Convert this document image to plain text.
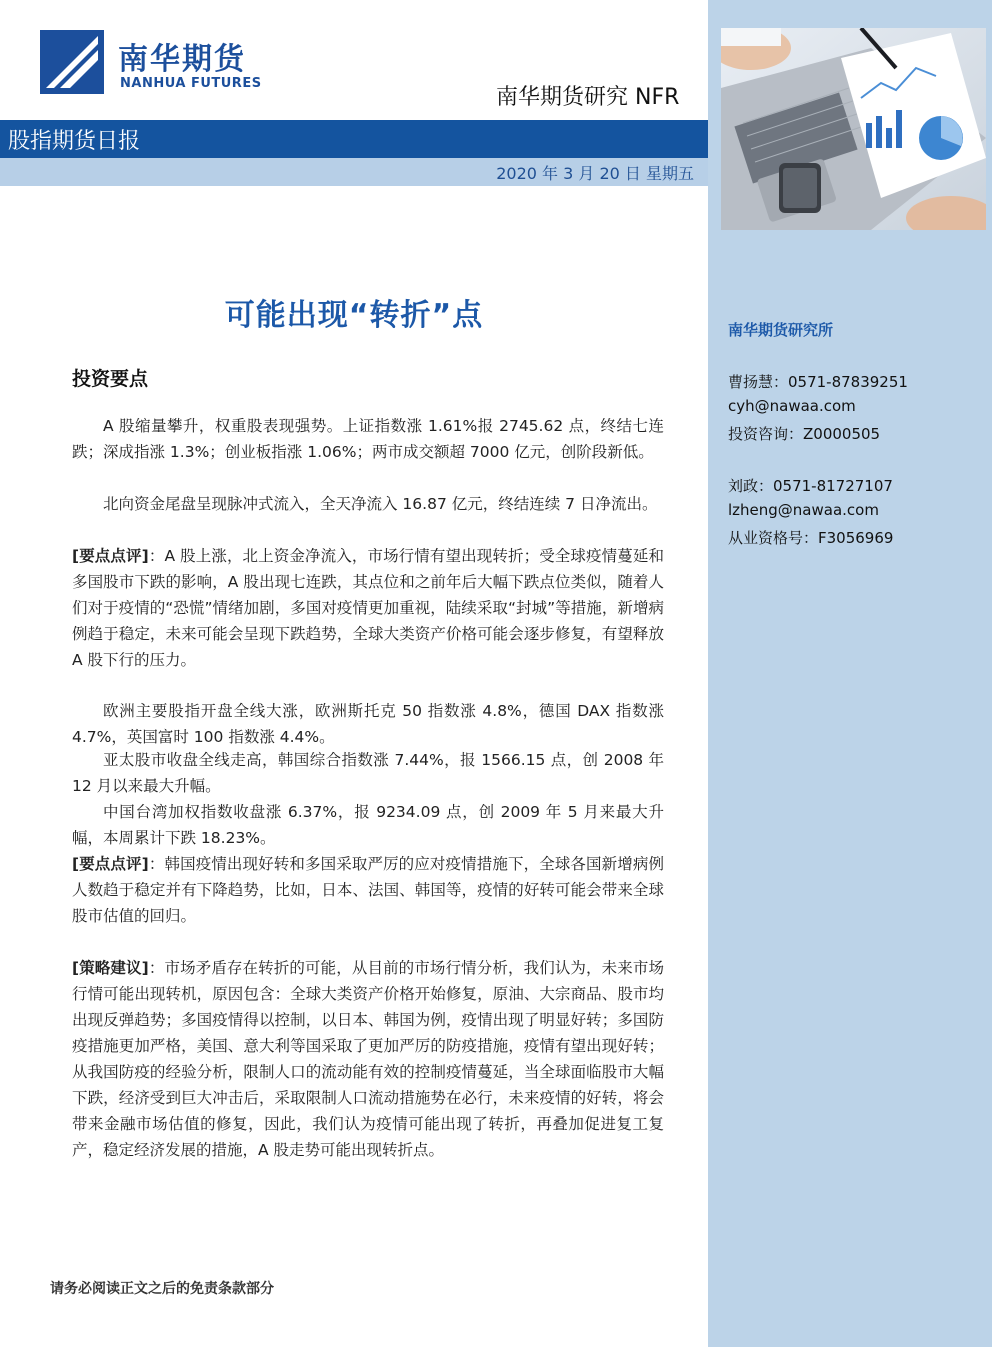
南华期货
NANHUA FUTURES
南华期货研究 NFR
股指期货日报
2020 年 3 月 20 日 星期五
可能出现“转折”点
投资要点

A 股缩量攀升，权重股表现强势。上证指数涨 1.61%报 2745.62 点，终结七连跌；深成指涨 1.3%；创业板指涨 1.06%；两市成交额超 7000 亿元，创阶段新低。

北向资金尾盘呈现脉冲式流入，全天净流入 16.87 亿元，终结连续 7 日净流出。

[要点点评]：A 股上涨，北上资金净流入，市场行情有望出现转折；受全球疫情蔓延和多国股市下跌的影响，A 股出现七连跌，其点位和之前年后大幅下跌点位类似，随着人们对于疫情的“恐慌”情绪加剧，多国对疫情更加重视，陆续采取“封城”等措施，新增病例趋于稳定，未来可能会呈现下跌趋势，全球大类资产价格可能会逐步修复，有望释放 A 股下行的压力。

欧洲主要股指开盘全线大涨，欧洲斯托克 50 指数涨 4.8%，德国 DAX 指数涨 4.7%，英国富时 100 指数涨 4.4%。

亚太股市收盘全线走高，韩国综合指数涨 7.44%，报 1566.15 点，创 2008 年 12 月以来最大升幅。

中国台湾加权指数收盘涨 6.37%，报 9234.09 点，创 2009 年 5 月来最大升幅，本周累计下跌 18.23%。

[要点点评]：韩国疫情出现好转和多国采取严厉的应对疫情措施下，全球各国新增病例人数趋于稳定并有下降趋势，比如，日本、法国、韩国等，疫情的好转可能会带来全球股市估值的回归。

[策略建议]：市场矛盾存在转折的可能，从目前的市场行情分析，我们认为，未来市场行情可能出现转机，原因包含：全球大类资产价格开始修复，原油、大宗商品、股市均出现反弹趋势；多国疫情得以控制，以日本、韩国为例，疫情出现了明显好转；多国防疫措施更加严格，美国、意大利等国采取了更加严厉的防疫措施，疫情有望出现好转；从我国防疫的经验分析，限制人口的流动能有效的控制疫情蔓延，当全球面临股市大幅下跌，经济受到巨大冲击后，采取限制人口流动措施势在必行，未来疫情的好转，将会带来金融市场估值的修复，因此，我们认为疫情可能出现了转折，再叠加促进复工复产，稳定经济发展的措施，A 股走势可能出现转折点。

南华期货研究所
曹扬慧：0571-87839251
cyh@nawaa.com
投资咨询：Z0000505
刘政：0571-81727107
lzheng@nawaa.com
从业资格号：F3056969
请务必阅读正文之后的免责条款部分
